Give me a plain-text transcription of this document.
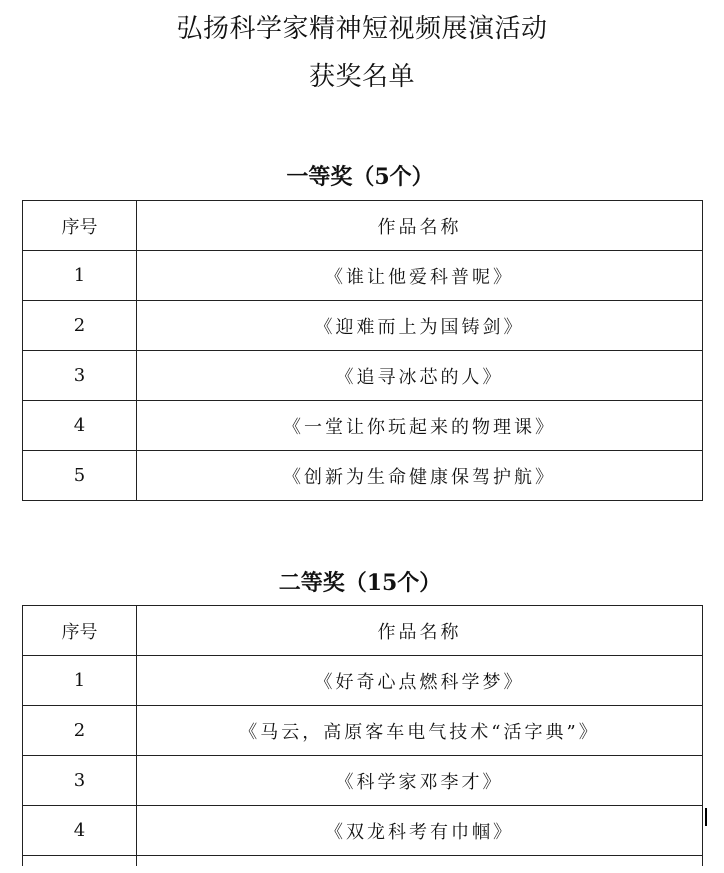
弘扬科学家精神短视频展演活动
获奖名单
一等奖（5个）
序号	作品名称
1	《谁让他爱科普呢》
2	《迎难而上为国铸剑》
3	《追寻冰芯的人》
4	《一堂让你玩起来的物理课》
5	《创新为生命健康保驾护航》
二等奖（15个）
序号	作品名称
1	《好奇心点燃科学梦》
2	《马云，高原客车电气技术“活字典”》
3	《科学家邓李才》
4	《双龙科考有巾帼》
